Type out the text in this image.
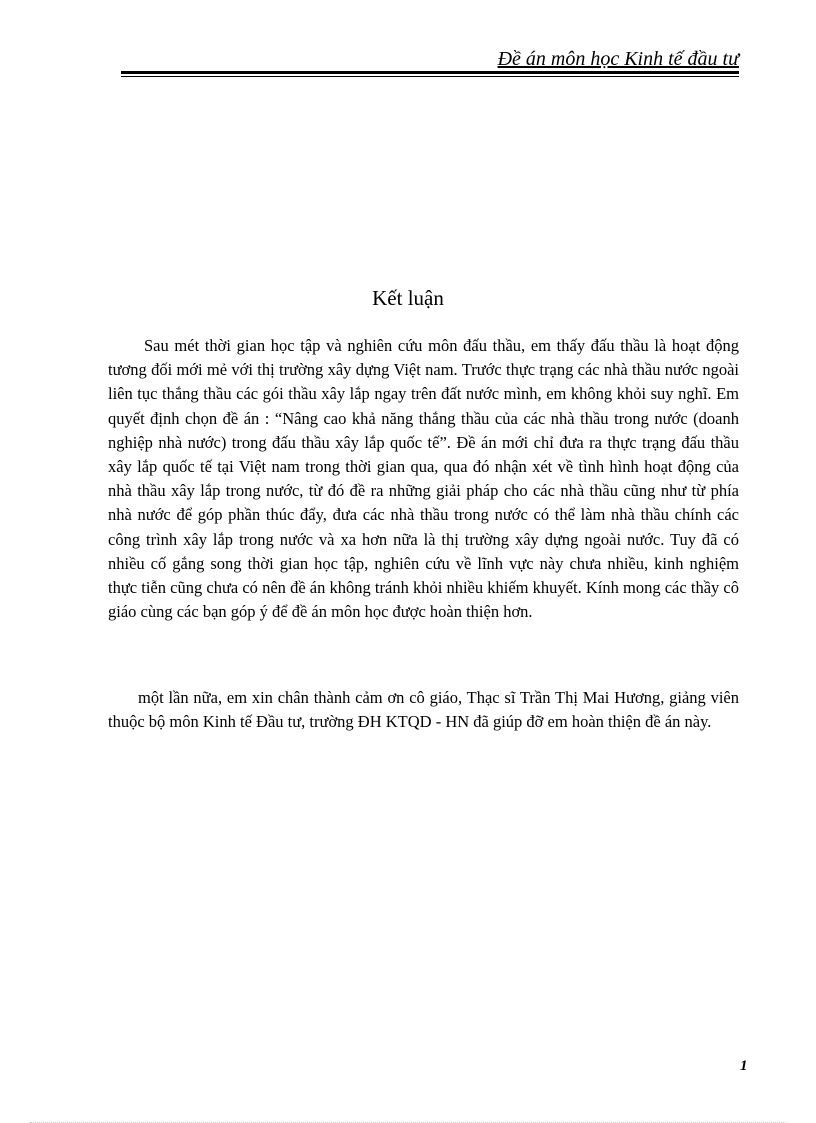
Đề án môn học Kinh tế đầu tư
Kết luận

Sau mét thời gian học tập và nghiên cứu môn đấu thầu, em thấy đấu thầu là hoạt động tương đối mới mẻ với thị trường xây dựng Việt nam. Trước thực trạng các nhà thầu nước ngoài liên tục thắng thầu các gói thầu xây lắp ngay trên đất nước mình, em không khỏi suy nghĩ. Em quyết định chọn đề án : “Nâng cao khả năng thắng thầu của các nhà thầu trong nước (doanh nghiệp nhà nước) trong đấu thầu xây lắp quốc tế”. Đề án mới chỉ đưa ra thực trạng đấu thầu xây lắp quốc tế tại Việt nam trong thời gian qua, qua đó nhận xét về tình hình hoạt động của nhà thầu xây lắp trong nước, từ đó đề ra những giải pháp cho các nhà thầu cũng như từ phía nhà nước để góp phần thúc đẩy, đưa các nhà thầu trong nước có thể làm nhà thầu chính các công trình xây lắp trong nước và xa hơn nữa là thị trường xây dựng ngoài nước. Tuy đã có nhiều cố gắng song thời gian học tập, nghiên cứu về lĩnh vực này chưa nhiều, kinh nghiệm thực tiễn cũng chưa có nên đề án không tránh khỏi nhiều khiếm khuyết. Kính mong các thầy cô giáo cùng các bạn góp ý để đề án môn học được hoàn thiện hơn.

một lần nữa, em xin chân thành cảm ơn cô giáo, Thạc sĩ Trần Thị Mai Hương, giảng viên thuộc bộ môn Kinh tế Đầu tư, trường ĐH KTQD - HN đã giúp đỡ em hoàn thiện đề án này.

1
